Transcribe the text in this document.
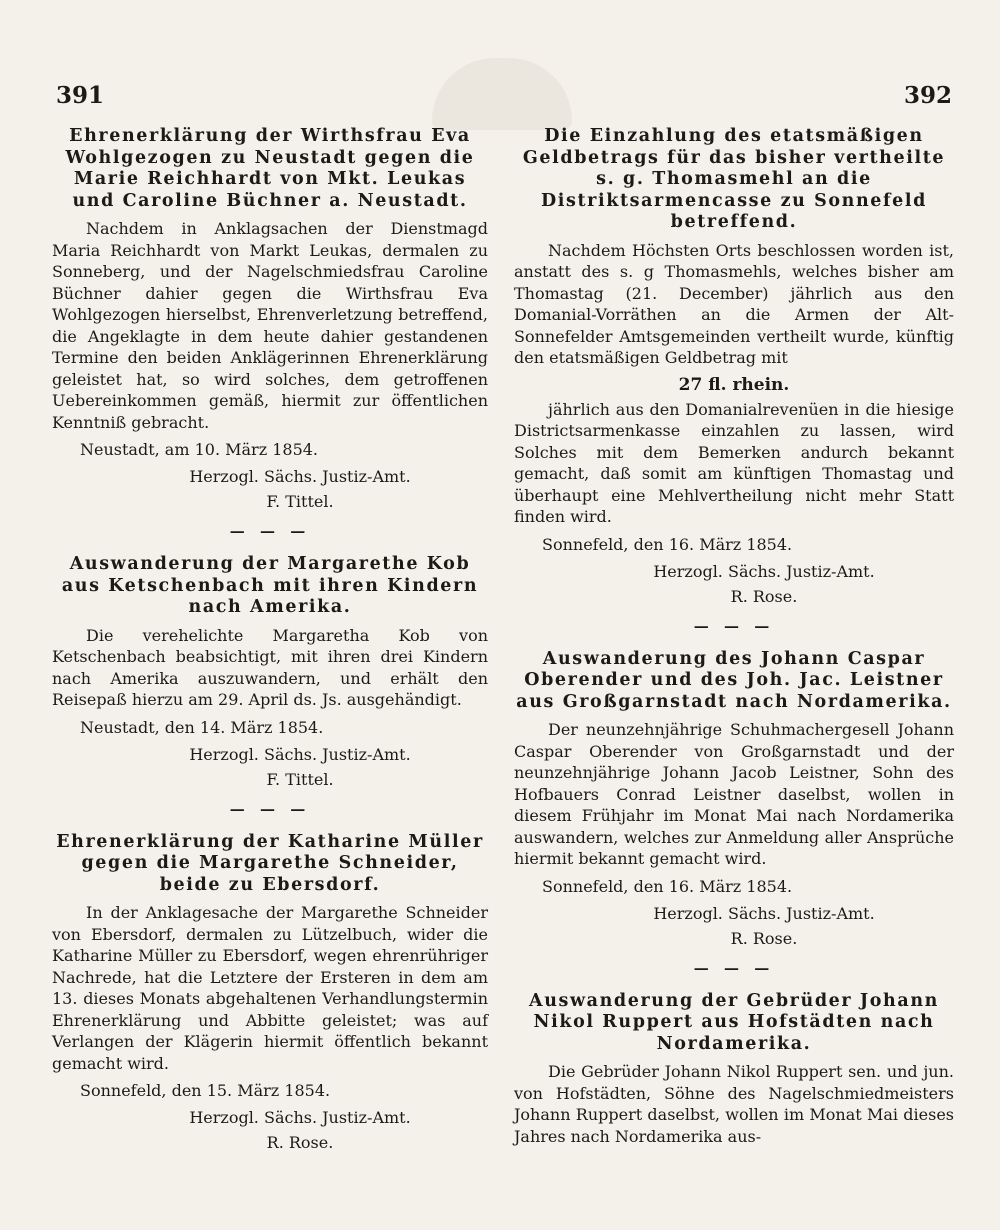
391	392

Ehrenerklärung der Wirthsfrau Eva Wohlgezogen zu Neustadt gegen die Marie Reichhardt von Mkt. Leukas und Caroline Büchner a. Neustadt.

Nachdem in Anklagsachen der Dienstmagd Maria Reichhardt von Markt Leukas, dermalen zu Sonneberg, und der Nagelschmiedsfrau Caroline Büchner dahier gegen die Wirthsfrau Eva Wohlgezogen hierselbst, Ehrenverletzung betreffend, die Angeklagte in dem heute dahier gestandenen Termine den beiden Anklägerinnen Ehrenerklärung geleistet hat, so wird solches, dem getroffenen Uebereinkommen gemäß, hiermit zur öffentlichen Kenntniß gebracht.

Neustadt, am 10. März 1854.

Herzogl. Sächs. Justiz-Amt.

F. Tittel.

— — —

Auswanderung der Margarethe Kob aus Ketschenbach mit ihren Kindern nach Amerika.

Die verehelichte Margaretha Kob von Ketschenbach beabsichtigt, mit ihren drei Kindern nach Amerika auszuwandern, und erhält den Reisepaß hierzu am 29. April ds. Js. ausgehändigt.

Neustadt, den 14. März 1854.

Herzogl. Sächs. Justiz-Amt.

F. Tittel.

— — —

Ehrenerklärung der Katharine Müller gegen die Margarethe Schneider, beide zu Ebersdorf.

In der Anklagesache der Margarethe Schneider von Ebersdorf, dermalen zu Lützelbuch, wider die Katharine Müller zu Ebersdorf, wegen ehrenrühriger Nachrede, hat die Letztere der Ersteren in dem am 13. dieses Monats abgehaltenen Verhandlungstermin Ehrenerklärung und Abbitte geleistet; was auf Verlangen der Klägerin hiermit öffentlich bekannt gemacht wird.

Sonnefeld, den 15. März 1854.

Herzogl. Sächs. Justiz-Amt.

R. Rose.

Die Einzahlung des etatsmäßigen Geldbetrags für das bisher vertheilte s. g. Thomasmehl an die Distriktsarmencasse zu Sonnefeld betreffend.

Nachdem Höchsten Orts beschlossen worden ist, anstatt des s. g Thomasmehls, welches bisher am Thomastag (21. December) jährlich aus den Domanial-Vorräthen an die Armen der Alt-Sonnefelder Amtsgemeinden vertheilt wurde, künftig den etatsmäßigen Geldbetrag mit

27 fl. rhein.

jährlich aus den Domanialrevenüen in die hiesige Districtsarmenkasse einzahlen zu lassen, wird Solches mit dem Bemerken andurch bekannt gemacht, daß somit am künftigen Thomastag und überhaupt eine Mehlvertheilung nicht mehr Statt finden wird.

Sonnefeld, den 16. März 1854.

Herzogl. Sächs. Justiz-Amt.

R. Rose.

— — —

Auswanderung des Johann Caspar Oberender und des Joh. Jac. Leistner aus Großgarnstadt nach Nordamerika.

Der neunzehnjährige Schuhmachergesell Johann Caspar Oberender von Großgarnstadt und der neunzehnjährige Johann Jacob Leistner, Sohn des Hofbauers Conrad Leistner daselbst, wollen in diesem Frühjahr im Monat Mai nach Nordamerika auswandern, welches zur Anmeldung aller Ansprüche hiermit bekannt gemacht wird.

Sonnefeld, den 16. März 1854.

Herzogl. Sächs. Justiz-Amt.

R. Rose.

— — —

Auswanderung der Gebrüder Johann Nikol Ruppert aus Hofstädten nach Nordamerika.

Die Gebrüder Johann Nikol Ruppert sen. und jun. von Hofstädten, Söhne des Nagelschmiedmeisters Johann Ruppert daselbst, wollen im Monat Mai dieses Jahres nach Nordamerika aus-
